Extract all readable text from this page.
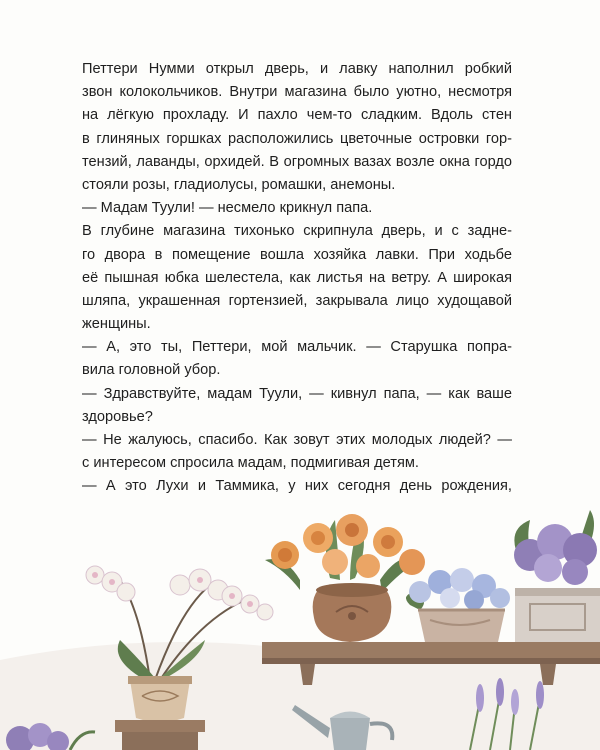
Петтери Нумми открыл дверь, и лавку наполнил робкий
звон колокольчиков. Внутри магазина было уютно, несмотря
на лёгкую прохладу. И пахло чем-то сладким. Вдоль стен
в глиняных горшках расположились цветочные островки гор-
тензий, лаванды, орхидей. В огромных вазах возле окна гордо
стояли розы, гладиолусы, ромашки, анемоны.
— Мадам Туули! — несмело крикнул папа.
В глубине магазина тихонько скрипнула дверь, и с задне-
го двора в помещение вошла хозяйка лавки. При ходьбе
её пышная юбка шелестела, как листья на ветру. А широкая
шляпа, украшенная гортензией, закрывала лицо худощавой
женщины.
— А, это ты, Петтери, мой мальчик. — Старушка попра-
вила головной убор.
— Здравствуйте, мадам Туули, — кивнул папа, — как ваше
здоровье?
— Не жалуюсь, спасибо. Как зовут этих молодых людей? —
с интересом спросила мадам, подмигивая детям.
— А это Лухи и Таммика, у них сегодня день рождения,
